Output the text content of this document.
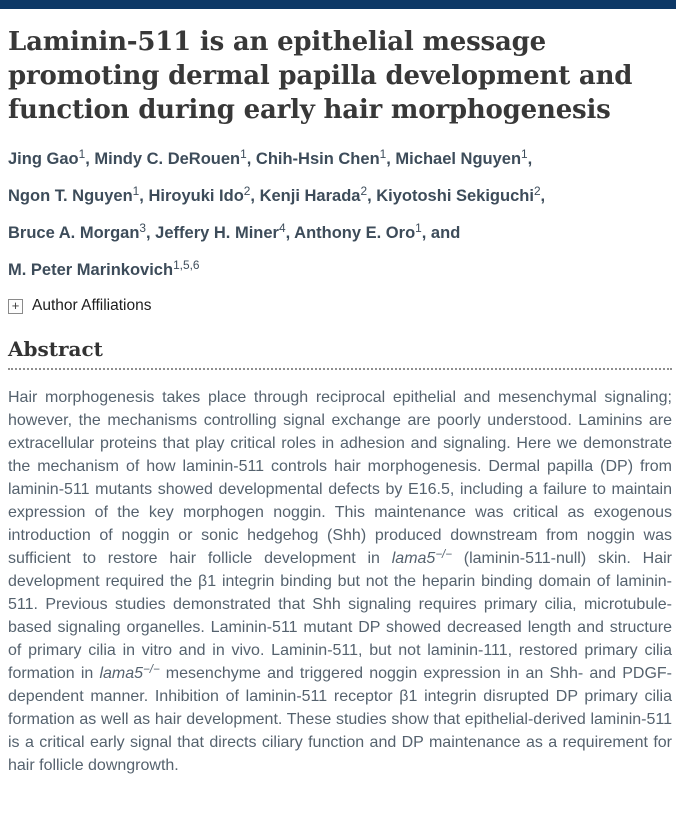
Laminin-511 is an epithelial message promoting dermal papilla development and function during early hair morphogenesis
Jing Gao$^1$, Mindy C. DeRouen$^1$, Chih-Hsin Chen$^1$, Michael Nguyen$^1$,
Ngon T. Nguyen$^1$, Hiroyuki Ido$^2$, Kenji Harada$^2$, Kiyotoshi Sekiguchi$^2$,
Bruce A. Morgan$^3$, Jeffery H. Miner$^4$, Anthony E. Oro$^1$, and
M. Peter Marinkovich$^{1,5,6}$
+ Author Affiliations
Abstract

Hair morphogenesis takes place through reciprocal epithelial and mesenchymal signaling; however, the mechanisms controlling signal exchange are poorly understood. Laminins are extracellular proteins that play critical roles in adhesion and signaling. Here we demonstrate the mechanism of how laminin-511 controls hair morphogenesis. Dermal papilla (DP) from laminin-511 mutants showed developmental defects by E16.5, including a failure to maintain expression of the key morphogen noggin. This maintenance was critical as exogenous introduction of noggin or sonic hedgehog (Shh) produced downstream from noggin was sufficient to restore hair follicle development in lama5−/− (laminin-511-null) skin. Hair development required the β1 integrin binding but not the heparin binding domain of laminin-511. Previous studies demonstrated that Shh signaling requires primary cilia, microtubule-based signaling organelles. Laminin-511 mutant DP showed decreased length and structure of primary cilia in vitro and in vivo. Laminin-511, but not laminin-111, restored primary cilia formation in lama5−/− mesenchyme and triggered noggin expression in an Shh- and PDGF-dependent manner. Inhibition of laminin-511 receptor β1 integrin disrupted DP primary cilia formation as well as hair development. These studies show that epithelial-derived laminin-511 is a critical early signal that directs ciliary function and DP maintenance as a requirement for hair follicle downgrowth.
